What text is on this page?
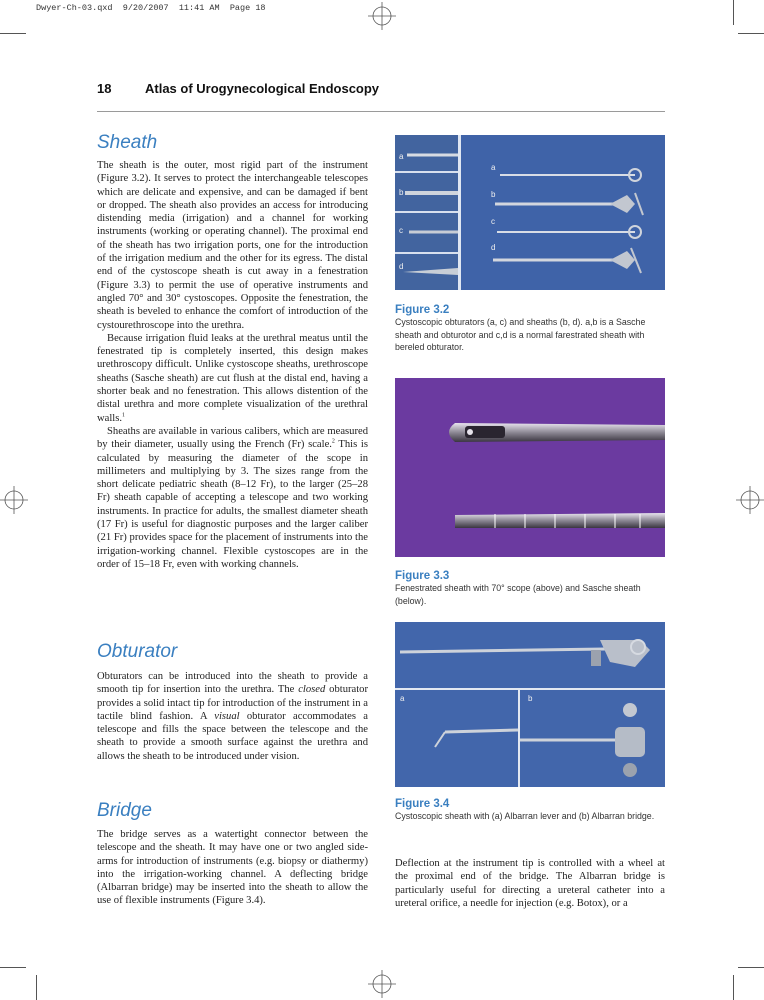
Dwyer-Ch-03.qxd  9/20/2007  11:41 AM  Page 18
18	Atlas of Urogynecological Endoscopy
Sheath

The sheath is the outer, most rigid part of the instrument (Figure 3.2). It serves to protect the interchangeable telescopes which are delicate and expensive, and can be damaged if bent or dropped. The sheath also provides an access for introducing distending media (irrigation) and a channel for working instruments (working or operating channel). The proximal end of the sheath has two irrigation ports, one for the introduction of the irrigation medium and the other for its egress. The distal end of the cystoscope sheath is cut away in a fenestration (Figure 3.3) to permit the use of operative instruments and angled 70° and 30° cystoscopes. Opposite the fenestration, the sheath is beveled to enhance the comfort of introduction of the cystourethroscope into the urethra.

Because irrigation fluid leaks at the urethral meatus until the fenestrated tip is completely inserted, this design makes urethroscopy difficult. Unlike cystoscope sheaths, urethroscope sheaths (Sasche sheath) are cut flush at the distal end, having a shorter beak and no fenestration. This allows distention of the distal urethra and more complete visualization of the urethral walls.$^1$

Sheaths are available in various calibers, which are measured by their diameter, usually using the French (Fr) scale.$^2$ This is calculated by measuring the diameter of the scope in millimeters and multiplying by 3. The sizes range from the short delicate pediatric sheath (8–12 Fr), to the larger (25–28 Fr) sheath capable of accepting a telescope and two working instruments. In practice for adults, the smallest diameter sheath (17 Fr) is useful for diagnostic purposes and the larger caliber (21 Fr) provides space for the placement of instruments into the irrigation-working channel. Flexible cystoscopes are in the order of 15–18 Fr, even with working channels.

Obturator

Obturators can be introduced into the sheath to provide a smooth tip for insertion into the urethra. The closed obturator provides a solid intact tip for introduction of the instrument in a tactile blind fashion. A visual obturator accommodates a telescope and fills the space between the telescope and the sheath to provide a smooth surface against the urethra and allows the sheath to be introduced under vision.

Bridge

The bridge serves as a watertight connector between the telescope and the sheath. It may have one or two angled side-arms for introduction of instruments (e.g. biopsy or diathermy) into the irrigation-working channel. A deflecting bridge (Albarran bridge) may be inserted into the sheath to allow the use of flexible instruments (Figure 3.4).

a
b
c
d
a
b
c
d

Figure 3.2

Cystoscopic obturators (a, c) and sheaths (b, d). a,b is a Sasche sheath and obturotor and c,d is a normal farestrated sheath with bereled obturator.

Figure 3.3

Fenestrated sheath with 70° scope (above) and Sasche sheath (below).

a	b

Figure 3.4

Cystoscopic sheath with (a) Albarran lever and (b) Albarran bridge.

Deflection at the instrument tip is controlled with a wheel at the proximal end of the bridge. The Albarran bridge is particularly useful for directing a ureteral catheter into a ureteral orifice, a needle for injection (e.g. Botox), or a
